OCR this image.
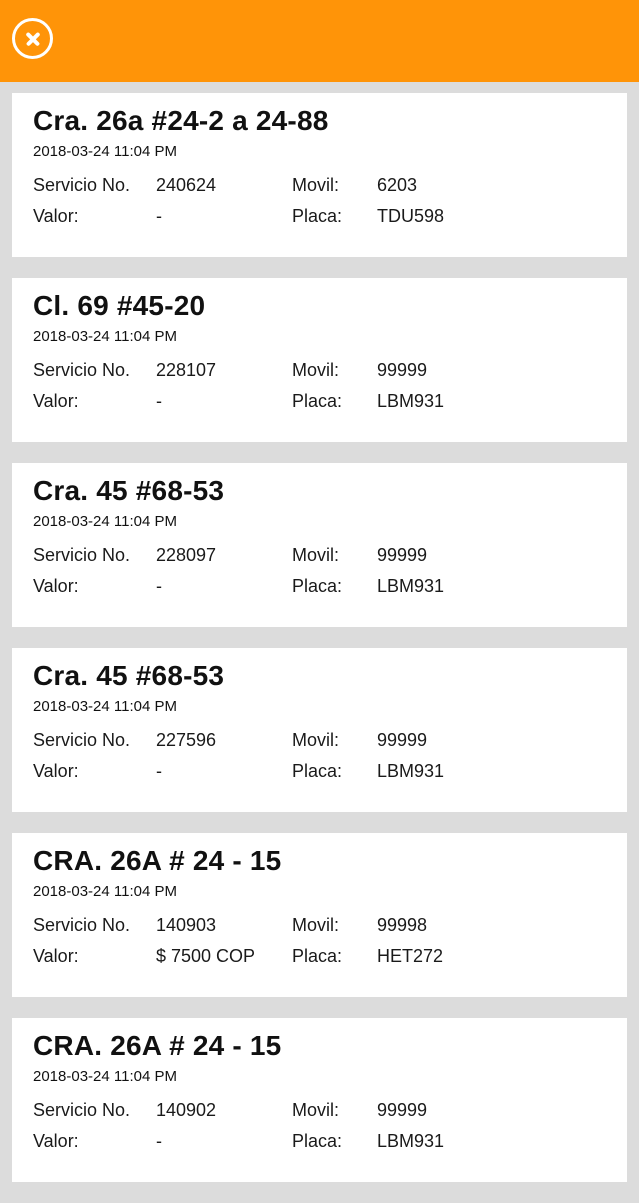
Cra. 26a #24-2 a 24-88
2018-03-24 11:04 PM
Servicio No. 240624	Movil: 6203
Valor:	-	Placa: TDU598
Cl. 69 #45-20
2018-03-24 11:04 PM
Servicio No. 228107	Movil: 99999
Valor:	-	Placa: LBM931
Cra. 45 #68-53
2018-03-24 11:04 PM
Servicio No. 228097	Movil: 99999
Valor:	-	Placa: LBM931
Cra. 45 #68-53
2018-03-24 11:04 PM
Servicio No. 227596	Movil: 99999
Valor:	-	Placa: LBM931
CRA. 26A # 24 - 15
2018-03-24 11:04 PM
Servicio No. 140903	Movil: 99998
Valor:	$ 7500 COP Placa: HET272
CRA. 26A # 24 - 15
2018-03-24 11:04 PM
Servicio No. 140902	Movil: 99999
Valor:	-	Placa: LBM931
